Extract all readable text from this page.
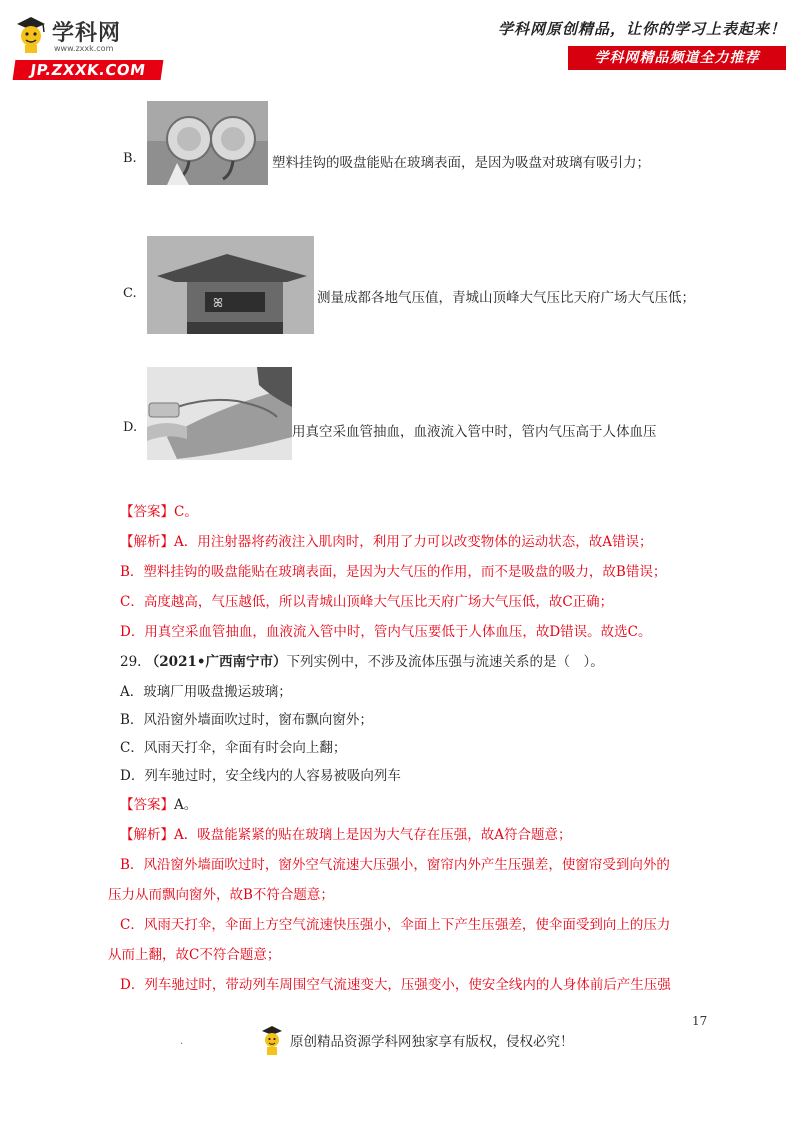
学科网
www.zxxk.com
JP.ZXXK.COM
学科网原创精品，让你的学习上表起来！
学科网精品频道全力推荐
B.	塑料挂钩的吸盘能贴在玻璃表面，是因为吸盘对玻璃有吸引力；
C.
ꕤ	测量成都各地气压值，青城山顶峰大气压比天府广场大气压低；
D.	用真空采血管抽血，血液流入管中时，管内气压高于人体血压
【答案】C。
【解析】A．用注射器将药液注入肌肉时，利用了力可以改变物体的运动状态，故A错误；
B．塑料挂钩的吸盘能贴在玻璃表面，是因为大气压的作用，而不是吸盘的吸力，故B错误；
C．高度越高，气压越低，所以青城山顶峰大气压比天府广场大气压低，故C正确；
D．用真空采血管抽血，血液流入管中时，管内气压要低于人体血压，故D错误。故选C。
29. （2021•广西南宁市）下列实例中，不涉及流体压强与流速关系的是（　）。
A．玻璃厂用吸盘搬运玻璃；
B．风沿窗外墙面吹过时，窗布飘向窗外；
C．风雨天打伞，伞面有时会向上翻；
D．列车驰过时，安全线内的人容易被吸向列车
【答案】A。
【解析】A．吸盘能紧紧的贴在玻璃上是因为大气存在压强，故A符合题意；
B．风沿窗外墙面吹过时，窗外空气流速大压强小，窗帘内外产生压强差，使窗帘受到向外的
压力从而飘向窗外，故B不符合题意；
C．风雨天打伞，伞面上方空气流速快压强小，伞面上下产生压强差，使伞面受到向上的压力
从而上翻，故C不符合题意；
D．列车驰过时，带动列车周围空气流速变大，压强变小，使安全线内的人身体前后产生压强
17
.	原创精品资源学科网独家享有版权，侵权必究！
